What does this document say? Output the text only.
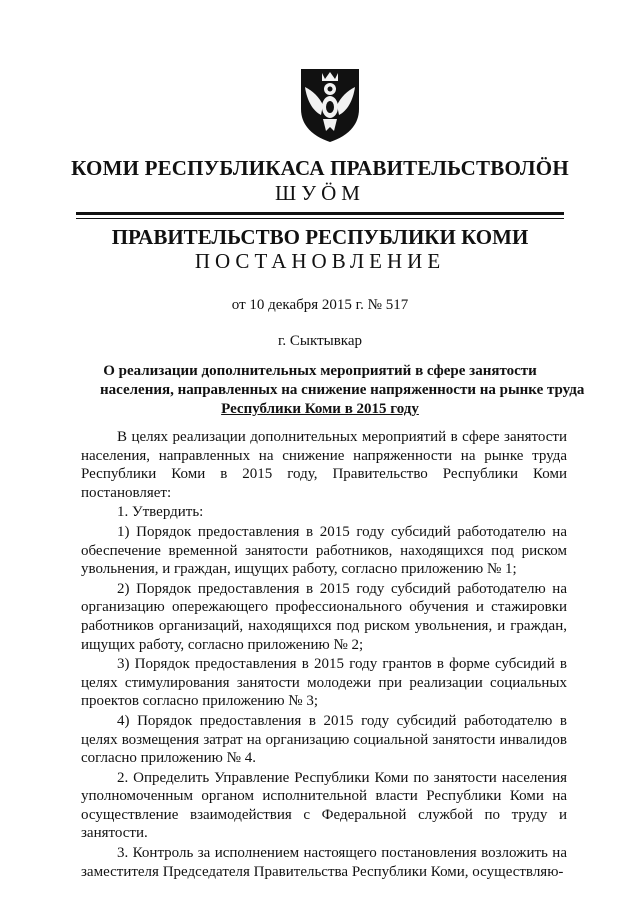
КОМИ РЕСПУБЛИКАСА ПРАВИТЕЛЬСТВОЛÖН
ШУÖМ
ПРАВИТЕЛЬСТВО РЕСПУБЛИКИ КОМИ
ПОСТАНОВЛЕНИЕ
от 10 декабря 2015 г. № 517
г. Сыктывкар
О реализации дополнительных мероприятий в сфере занятости
населения, направленных на снижение напряженности на рынке труда
Республики Коми в 2015 году

В целях реализации дополнительных мероприятий в сфере занятости населения, направленных на снижение напряженности на рынке труда Республики Коми в 2015 году, Правительство Республики Коми постановляет:

1. Утвердить:

1) Порядок предоставления в 2015 году субсидий работодателю на обеспечение временной занятости работников, находящихся под риском увольнения, и граждан, ищущих работу, согласно приложению № 1;

2) Порядок предоставления в 2015 году субсидий работодателю на организацию опережающего профессионального обучения и стажировки работников организаций, находящихся под риском увольнения, и граждан, ищущих работу, согласно приложению № 2;

3) Порядок предоставления в 2015 году грантов в форме субсидий в целях стимулирования занятости молодежи при реализации социальных проектов согласно приложению № 3;

4) Порядок предоставления в 2015 году субсидий работодателю в целях возмещения затрат на организацию социальной занятости инвалидов согласно приложению № 4.

2. Определить Управление Республики Коми по занятости населения уполномоченным органом исполнительной власти Республики Коми на осуществление взаимодействия с Федеральной службой по труду и занятости.

3. Контроль за исполнением настоящего постановления возложить на заместителя Председателя Правительства Республики Коми, осуществляю-
